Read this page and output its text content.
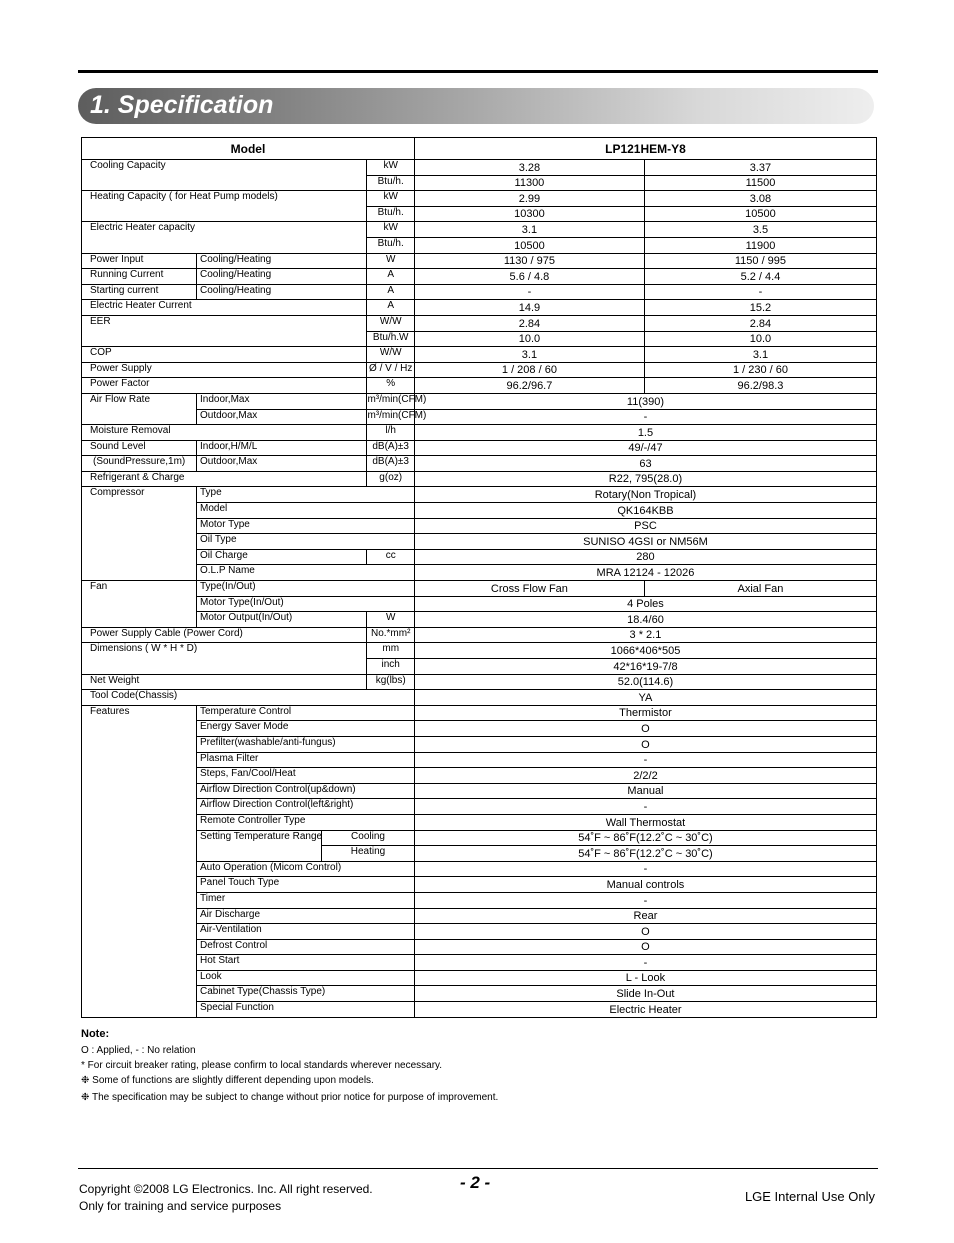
1. Specification
Model				LP121HEM-Y8	
Cooling Capacity			kW	3.28	3.37
			Btu/h.	11300	11500
Heating Capacity ( for Heat Pump models)			kW	2.99	3.08
			Btu/h.	10300	10500
Electric Heater capacity			kW	3.1	3.5
			Btu/h.	10500	11900
Power Input	Cooling/Heating		W	1130 / 975	1150 / 995
Running Current	Cooling/Heating		A	5.6 / 4.8	5.2 / 4.4
Starting current	Cooling/Heating		A	-	-
Electric Heater Current			A	14.9	15.2
EER			W/W	2.84	2.84
			Btu/h.W	10.0	10.0
COP			W/W	3.1	3.1
Power Supply			Ø / V / Hz	1 / 208 / 60	1 / 230 / 60
Power Factor			%	96.2/96.7	96.2/98.3
Air Flow Rate	Indoor,Max		m³/min(CFM)	11(390)	
	Outdoor,Max		m³/min(CFM)	-	
Moisture Removal			l/h	1.5	
Sound Level	Indoor,H/M/L		dB(A)±3	49/-/47	
(SoundPressure,1m)	Outdoor,Max		dB(A)±3	63	
Refrigerant & Charge			g(oz)	R22, 795(28.0)	
Compressor	Type			Rotary(Non Tropical)	
	Model			QK164KBB	
	Motor Type			PSC	
	Oil Type			SUNISO 4GSI or NM56M	
	Oil Charge		cc	280	
	O.L.P Name			MRA 12124 - 12026	
Fan	Type(In/Out)			Cross Flow Fan	Axial Fan
	Motor Type(In/Out)			4 Poles	
	Motor Output(In/Out)		W	18.4/60	
Power Supply Cable (Power Cord)			No.*mm²	3 * 2.1	
Dimensions ( W * H * D)			mm	1066*406*505	
			inch	42*16*19-7/8	
Net Weight			kg(lbs)	52.0(114.6)	
Tool Code(Chassis)				YA	
Features	Temperature Control			Thermistor	
	Energy Saver Mode			O	
	Prefilter(washable/anti-fungus)			O	
	Plasma Filter			-	
	Steps, Fan/Cool/Heat			2/2/2	
	Airflow Direction Control(up&down)			Manual	
	Airflow Direction Control(left&right)			-	
	Remote Controller Type			Wall Thermostat	
	Setting Temperature Range	Cooling		54˚F ~ 86˚F(12.2˚C ~ 30˚C)	
		Heating		54˚F ~ 86˚F(12.2˚C ~ 30˚C)	
	Auto Operation (Micom Control)			-	
	Panel Touch Type			Manual controls	
	Timer			-	
	Air Discharge			Rear	
	Air-Ventilation			O	
	Defrost Control			O	
	Hot Start			-	
	Look			L - Look	
	Cabinet Type(Chassis Type)			Slide In-Out	
	Special Function			Electric Heater	
Note:
O : Applied, - : No relation
* For circuit breaker rating, please confirm to local standards wherever necessary.
❉ Some of functions are slightly different depending upon models.
❉ The specification may be subject to change without prior notice for purpose of improvement.
Copyright ©2008 LG Electronics. Inc. All right reserved.
Only for training and service purposes
- 2 -
LGE Internal Use Only
